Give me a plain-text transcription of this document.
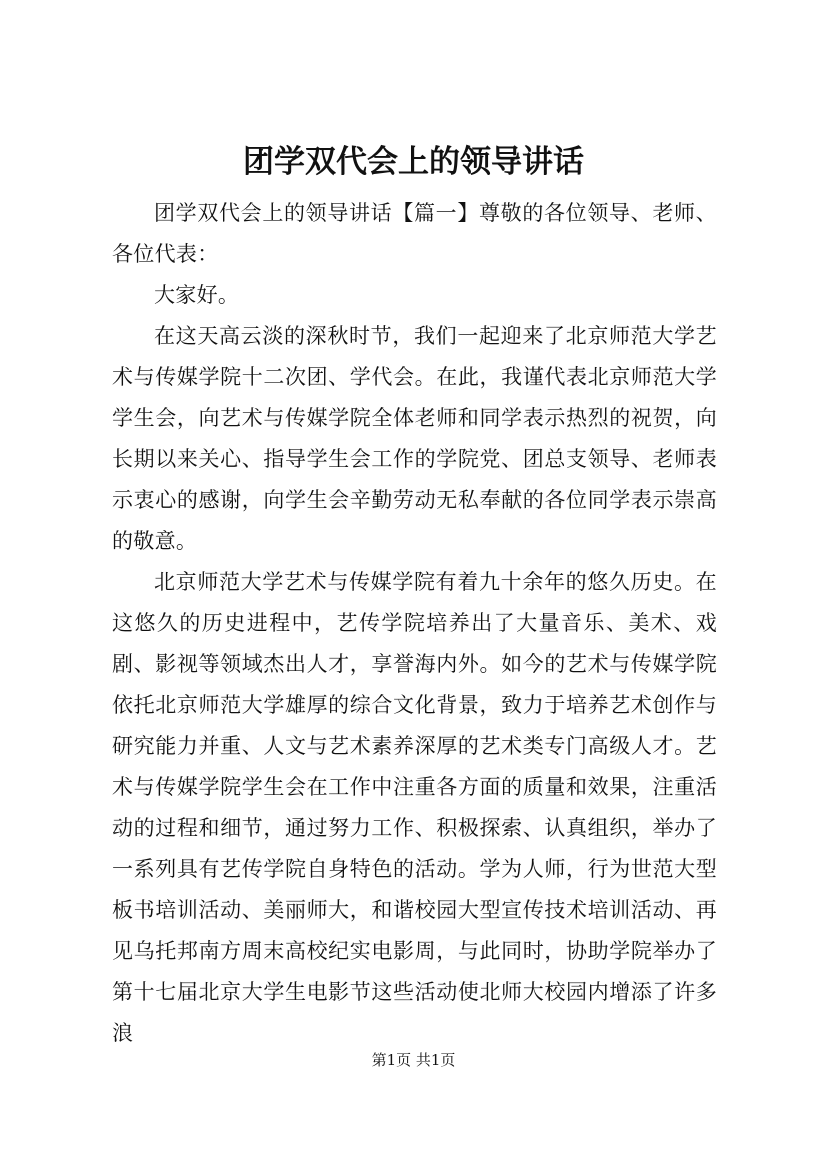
团学双代会上的领导讲话

团学双代会上的领导讲话【篇一】尊敬的各位领导、老师、各位代表：

大家好。

在这天高云淡的深秋时节，我们一起迎来了北京师范大学艺术与传媒学院十二次团、学代会。在此，我谨代表北京师范大学学生会，向艺术与传媒学院全体老师和同学表示热烈的祝贺，向长期以来关心、指导学生会工作的学院党、团总支领导、老师表示衷心的感谢，向学生会辛勤劳动无私奉献的各位同学表示崇高的敬意。

北京师范大学艺术与传媒学院有着九十余年的悠久历史。在这悠久的历史进程中，艺传学院培养出了大量音乐、美术、戏剧、影视等领域杰出人才，享誉海内外。如今的艺术与传媒学院依托北京师范大学雄厚的综合文化背景，致力于培养艺术创作与研究能力并重、人文与艺术素养深厚的艺术类专门高级人才。艺术与传媒学院学生会在工作中注重各方面的质量和效果，注重活动的过程和细节，通过努力工作、积极探索、认真组织，举办了一系列具有艺传学院自身特色的活动。学为人师，行为世范大型板书培训活动、美丽师大，和谐校园大型宣传技术培训活动、再见乌托邦南方周末高校纪实电影周，与此同时，协助学院举办了第十七届北京大学生电影节这些活动使北师大校园内增添了许多浪

第1页 共1页
